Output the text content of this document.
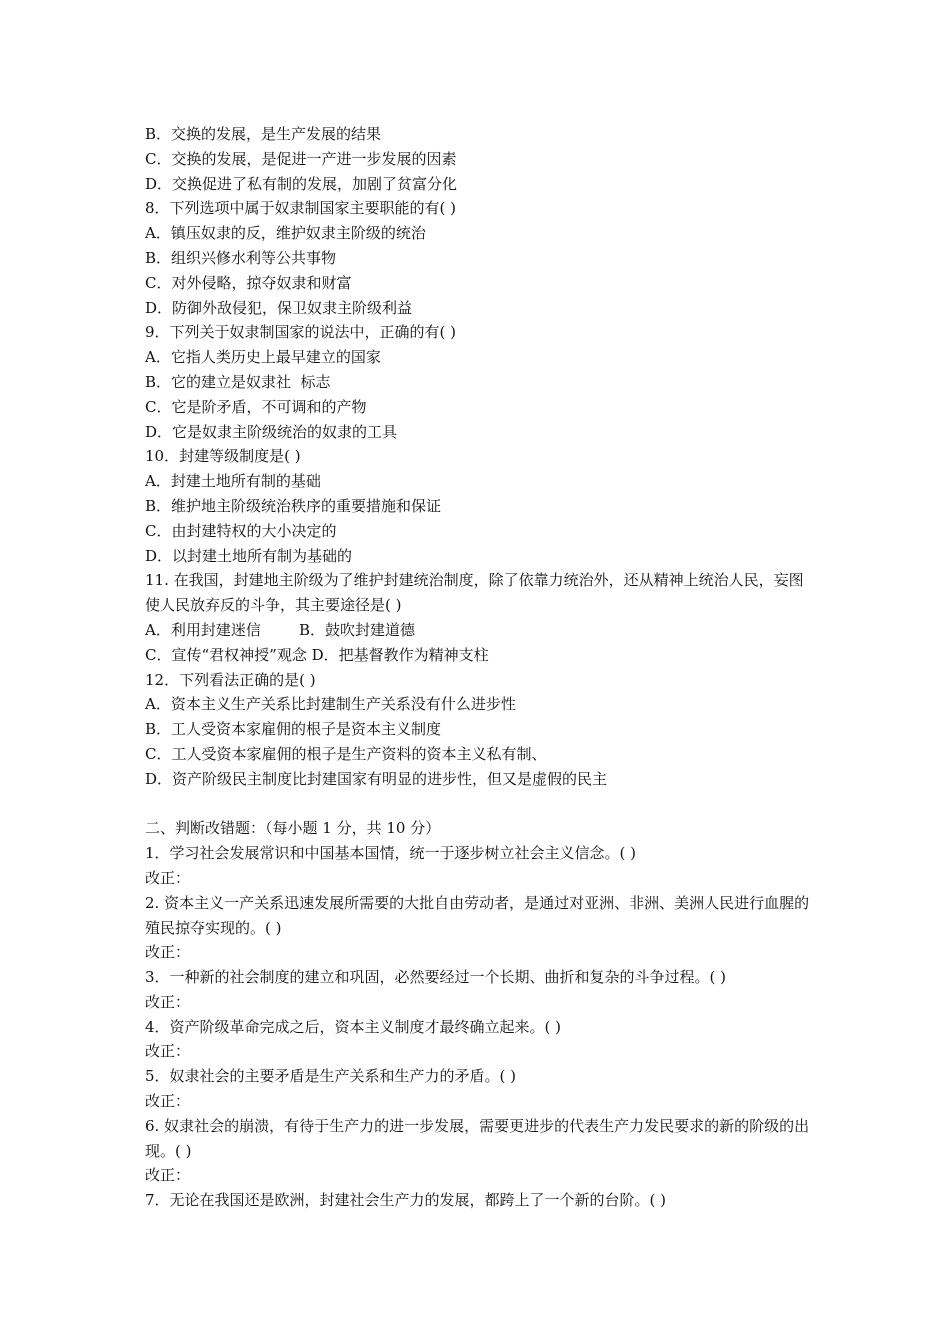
B．交换的发展，是生产发展的结果

C．交换的发展，是促进一产进一步发展的因素

D．交换促进了私有制的发展，加剧了贫富分化

8．下列选项中属于奴隶制国家主要职能的有( )

A．镇压奴隶的反，维护奴隶主阶级的统治

B．组织兴修水利等公共事物

C．对外侵略，掠夺奴隶和财富

D．防御外敌侵犯，保卫奴隶主阶级利益

9．下列关于奴隶制国家的说法中，正确的有( )

A．它指人类历史上最早建立的国家

B．它的建立是奴隶社  标志

C．它是阶矛盾，不可调和的产物

D．它是奴隶主阶级统治的奴隶的工具

10．封建等级制度是( )

A．封建土地所有制的基础

B．维护地主阶级统治秩序的重要措施和保证

C．由封建特权的大小决定的

D．以封建土地所有制为基础的

11. 在我国，封建地主阶级为了维护封建统治制度，除了依靠力统治外，还从精神上统治人民，妄图使人民放弃反的斗争，其主要途径是( )

A．利用封建迷信        B．鼓吹封建道德

C．宣传“君权神授”观念 D．把基督教作为精神支柱

12．下列看法正确的是( )

A．资本主义生产关系比封建制生产关系没有什么进步性

B．工人受资本家雇佣的根子是资本主义制度

C．工人受资本家雇佣的根子是生产资料的资本主义私有制、

D．资产阶级民主制度比封建国家有明显的进步性，但又是虚假的民主

二、判断改错题：（每小题 1 分，共 10 分）

1．学习社会发展常识和中国基本国情，统一于逐步树立社会主义信念。( )

改正：

2. 资本主义一产关系迅速发展所需要的大批自由劳动者，是通过对亚洲、非洲、美洲人民进行血腥的殖民掠夺实现的。( )

改正：

3．一种新的社会制度的建立和巩固，必然要经过一个长期、曲折和复杂的斗争过程。( )

改正：

4．资产阶级革命完成之后，资本主义制度才最终确立起来。( )

改正：

5．奴隶社会的主要矛盾是生产关系和生产力的矛盾。( )

改正：

6. 奴隶社会的崩溃，有待于生产力的进一步发展，需要更进步的代表生产力发民要求的新的阶级的出现。( )

改正：

7．无论在我国还是欧洲，封建社会生产力的发展，都跨上了一个新的台阶。( )
